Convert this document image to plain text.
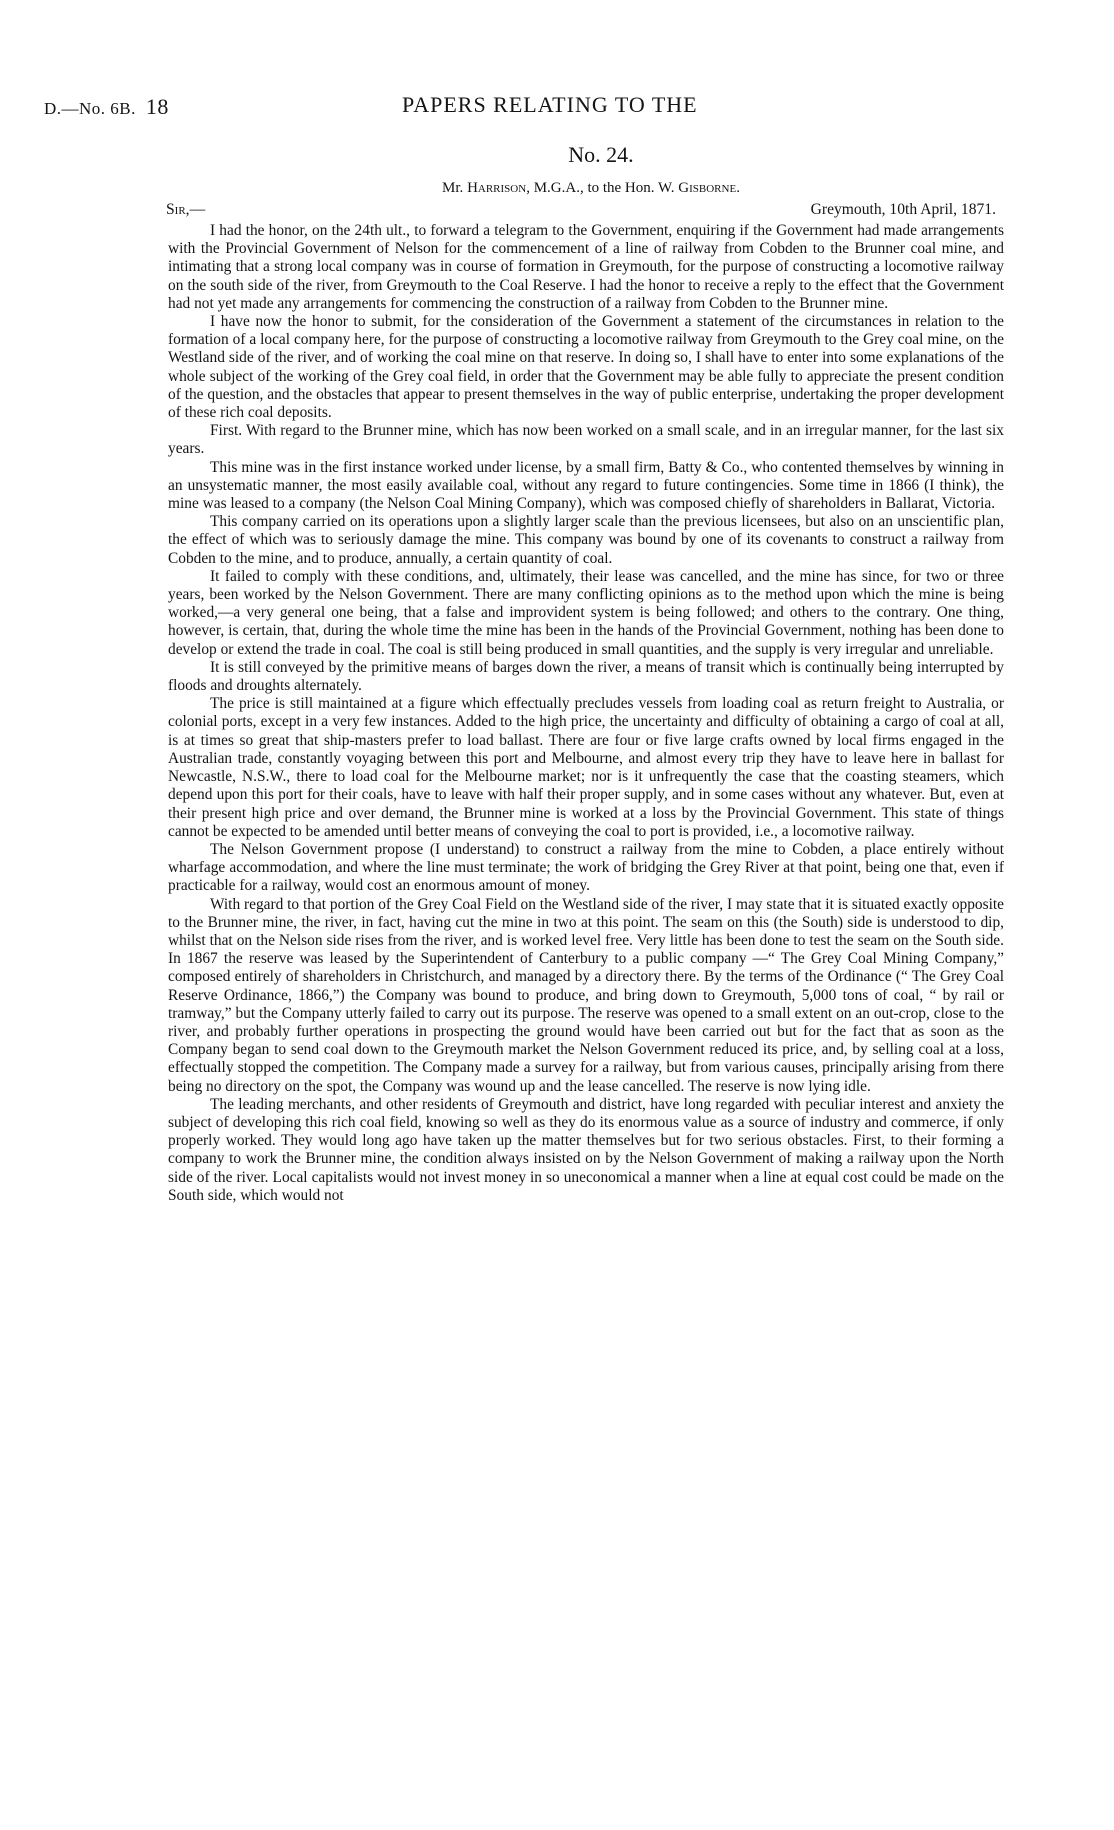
D.—No. 6B. 18	PAPERS RELATING TO THE
No. 24.
Mr. Harrison, M.G.A., to the Hon. W. Gisborne.
Sir,—	Greymouth, 10th April, 1871.

I had the honor, on the 24th ult., to forward a telegram to the Government, enquiring if the Government had made arrangements with the Provincial Government of Nelson for the commencement of a line of railway from Cobden to the Brunner coal mine, and intimating that a strong local company was in course of formation in Greymouth, for the purpose of constructing a locomotive railway on the south side of the river, from Greymouth to the Coal Reserve. I had the honor to receive a reply to the effect that the Government had not yet made any arrangements for commencing the construction of a railway from Cobden to the Brunner mine.

I have now the honor to submit, for the consideration of the Government a statement of the circumstances in relation to the formation of a local company here, for the purpose of constructing a locomotive railway from Greymouth to the Grey coal mine, on the Westland side of the river, and of working the coal mine on that reserve. In doing so, I shall have to enter into some explanations of the whole subject of the working of the Grey coal field, in order that the Government may be able fully to appreciate the present condition of the question, and the obstacles that appear to present themselves in the way of public enterprise, undertaking the proper development of these rich coal deposits.

First. With regard to the Brunner mine, which has now been worked on a small scale, and in an irregular manner, for the last six years.

This mine was in the first instance worked under license, by a small firm, Batty & Co., who contented themselves by winning in an unsystematic manner, the most easily available coal, without any regard to future contingencies. Some time in 1866 (I think), the mine was leased to a company (the Nelson Coal Mining Company), which was composed chiefly of shareholders in Ballarat, Victoria.

This company carried on its operations upon a slightly larger scale than the previous licensees, but also on an unscientific plan, the effect of which was to seriously damage the mine. This company was bound by one of its covenants to construct a railway from Cobden to the mine, and to produce, annually, a certain quantity of coal.

It failed to comply with these conditions, and, ultimately, their lease was cancelled, and the mine has since, for two or three years, been worked by the Nelson Government. There are many conflicting opinions as to the method upon which the mine is being worked,—a very general one being, that a false and improvident system is being followed; and others to the contrary. One thing, however, is certain, that, during the whole time the mine has been in the hands of the Provincial Government, nothing has been done to develop or extend the trade in coal. The coal is still being produced in small quantities, and the supply is very irregular and unreliable.

It is still conveyed by the primitive means of barges down the river, a means of transit which is continually being interrupted by floods and droughts alternately.

The price is still maintained at a figure which effectually precludes vessels from loading coal as return freight to Australia, or colonial ports, except in a very few instances. Added to the high price, the uncertainty and difficulty of obtaining a cargo of coal at all, is at times so great that ship-masters prefer to load ballast. There are four or five large crafts owned by local firms engaged in the Australian trade, constantly voyaging between this port and Melbourne, and almost every trip they have to leave here in ballast for Newcastle, N.S.W., there to load coal for the Melbourne market; nor is it unfrequently the case that the coasting steamers, which depend upon this port for their coals, have to leave with half their proper supply, and in some cases without any whatever. But, even at their present high price and over demand, the Brunner mine is worked at a loss by the Provincial Government. This state of things cannot be expected to be amended until better means of conveying the coal to port is provided, i.e., a locomotive railway.

The Nelson Government propose (I understand) to construct a railway from the mine to Cobden, a place entirely without wharfage accommodation, and where the line must terminate; the work of bridging the Grey River at that point, being one that, even if practicable for a railway, would cost an enormous amount of money.

With regard to that portion of the Grey Coal Field on the Westland side of the river, I may state that it is situated exactly opposite to the Brunner mine, the river, in fact, having cut the mine in two at this point. The seam on this (the South) side is understood to dip, whilst that on the Nelson side rises from the river, and is worked level free. Very little has been done to test the seam on the South side. In 1867 the reserve was leased by the Superintendent of Canterbury to a public company —“ The Grey Coal Mining Company,” composed entirely of shareholders in Christchurch, and managed by a directory there. By the terms of the Ordinance (“ The Grey Coal Reserve Ordinance, 1866,”) the Company was bound to produce, and bring down to Greymouth, 5,000 tons of coal, “ by rail or tramway,” but the Company utterly failed to carry out its purpose. The reserve was opened to a small extent on an out-crop, close to the river, and probably further operations in prospecting the ground would have been carried out but for the fact that as soon as the Company began to send coal down to the Greymouth market the Nelson Government reduced its price, and, by selling coal at a loss, effectually stopped the competition. The Company made a survey for a railway, but from various causes, principally arising from there being no directory on the spot, the Company was wound up and the lease cancelled. The reserve is now lying idle.

The leading merchants, and other residents of Greymouth and district, have long regarded with peculiar interest and anxiety the subject of developing this rich coal field, knowing so well as they do its enormous value as a source of industry and commerce, if only properly worked. They would long ago have taken up the matter themselves but for two serious obstacles. First, to their forming a company to work the Brunner mine, the condition always insisted on by the Nelson Government of making a railway upon the North side of the river. Local capitalists would not invest money in so uneconomical a manner when a line at equal cost could be made on the South side, which would not
